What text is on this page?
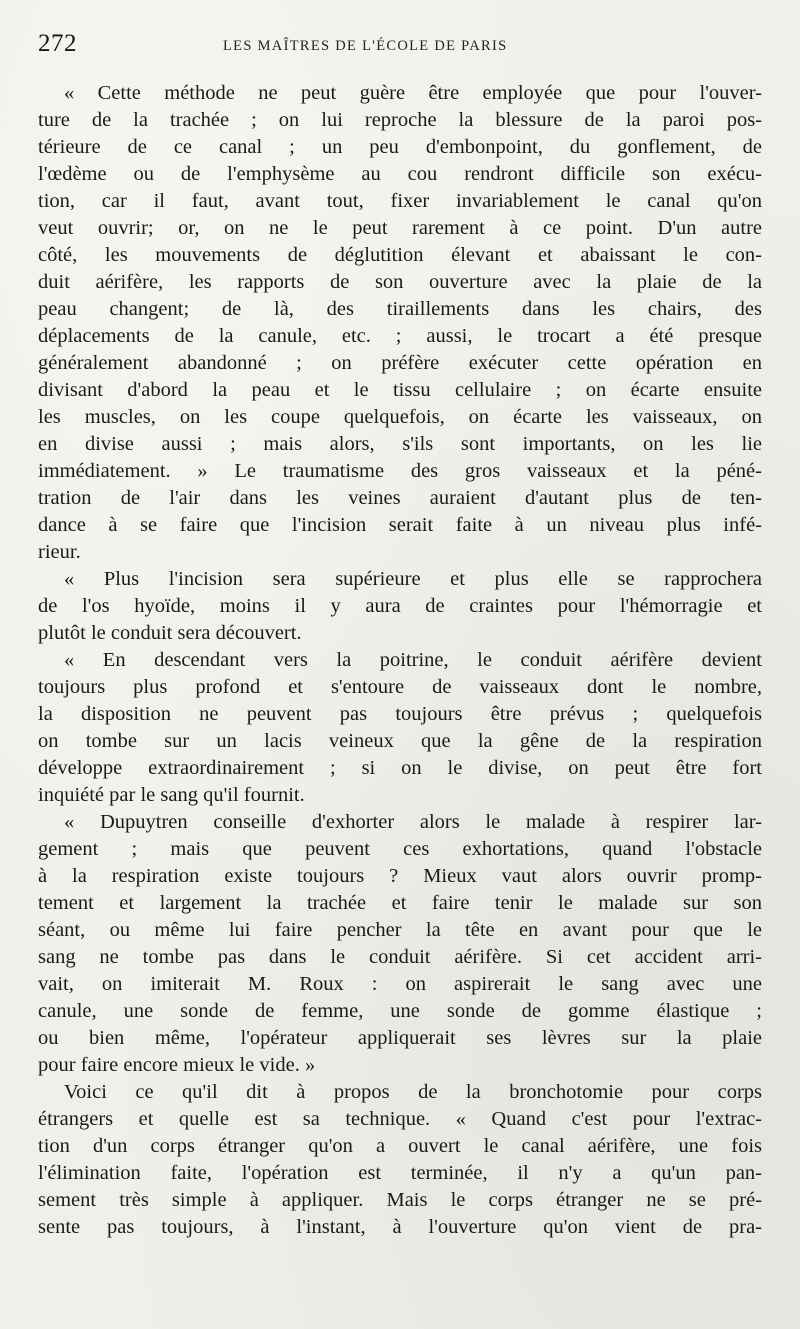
272	LES MAÎTRES DE L'ÉCOLE DE PARIS
« Cette méthode ne peut guère être employée que pour l'ouver-
ture de la trachée ; on lui reproche la blessure de la paroi pos-
térieure de ce canal ; un peu d'embonpoint, du gonflement, de
l'œdème ou de l'emphysème au cou rendront difficile son exécu-
tion, car il faut, avant tout, fixer invariablement le canal qu'on
veut ouvrir; or, on ne le peut rarement à ce point. D'un autre
côté, les mouvements de déglutition élevant et abaissant le con-
duit aérifère, les rapports de son ouverture avec la plaie de la
peau changent; de là, des tiraillements dans les chairs, des
déplacements de la canule, etc. ; aussi, le trocart a été presque
généralement abandonné ; on préfère exécuter cette opération en
divisant d'abord la peau et le tissu cellulaire ; on écarte ensuite
les muscles, on les coupe quelquefois, on écarte les vaisseaux, on
en divise aussi ; mais alors, s'ils sont importants, on les lie
immédiatement. » Le traumatisme des gros vaisseaux et la péné-
tration de l'air dans les veines auraient d'autant plus de ten-
dance à se faire que l'incision serait faite à un niveau plus infé-
rieur.
« Plus l'incision sera supérieure et plus elle se rapprochera
de l'os hyoïde, moins il y aura de craintes pour l'hémorragie et
plutôt le conduit sera découvert.
« En descendant vers la poitrine, le conduit aérifère devient
toujours plus profond et s'entoure de vaisseaux dont le nombre,
la disposition ne peuvent pas toujours être prévus ; quelquefois
on tombe sur un lacis veineux que la gêne de la respiration
développe extraordinairement ; si on le divise, on peut être fort
inquiété par le sang qu'il fournit.
« Dupuytren conseille d'exhorter alors le malade à respirer lar-
gement ; mais que peuvent ces exhortations, quand l'obstacle
à la respiration existe toujours ? Mieux vaut alors ouvrir promp-
tement et largement la trachée et faire tenir le malade sur son
séant, ou même lui faire pencher la tête en avant pour que le
sang ne tombe pas dans le conduit aérifère. Si cet accident arri-
vait, on imiterait M. Roux : on aspirerait le sang avec une
canule, une sonde de femme, une sonde de gomme élastique ;
ou bien même, l'opérateur appliquerait ses lèvres sur la plaie
pour faire encore mieux le vide. »
Voici ce qu'il dit à propos de la bronchotomie pour corps
étrangers et quelle est sa technique. « Quand c'est pour l'extrac-
tion d'un corps étranger qu'on a ouvert le canal aérifère, une fois
l'élimination faite, l'opération est terminée, il n'y a qu'un pan-
sement très simple à appliquer. Mais le corps étranger ne se pré-
sente pas toujours, à l'instant, à l'ouverture qu'on vient de pra-
